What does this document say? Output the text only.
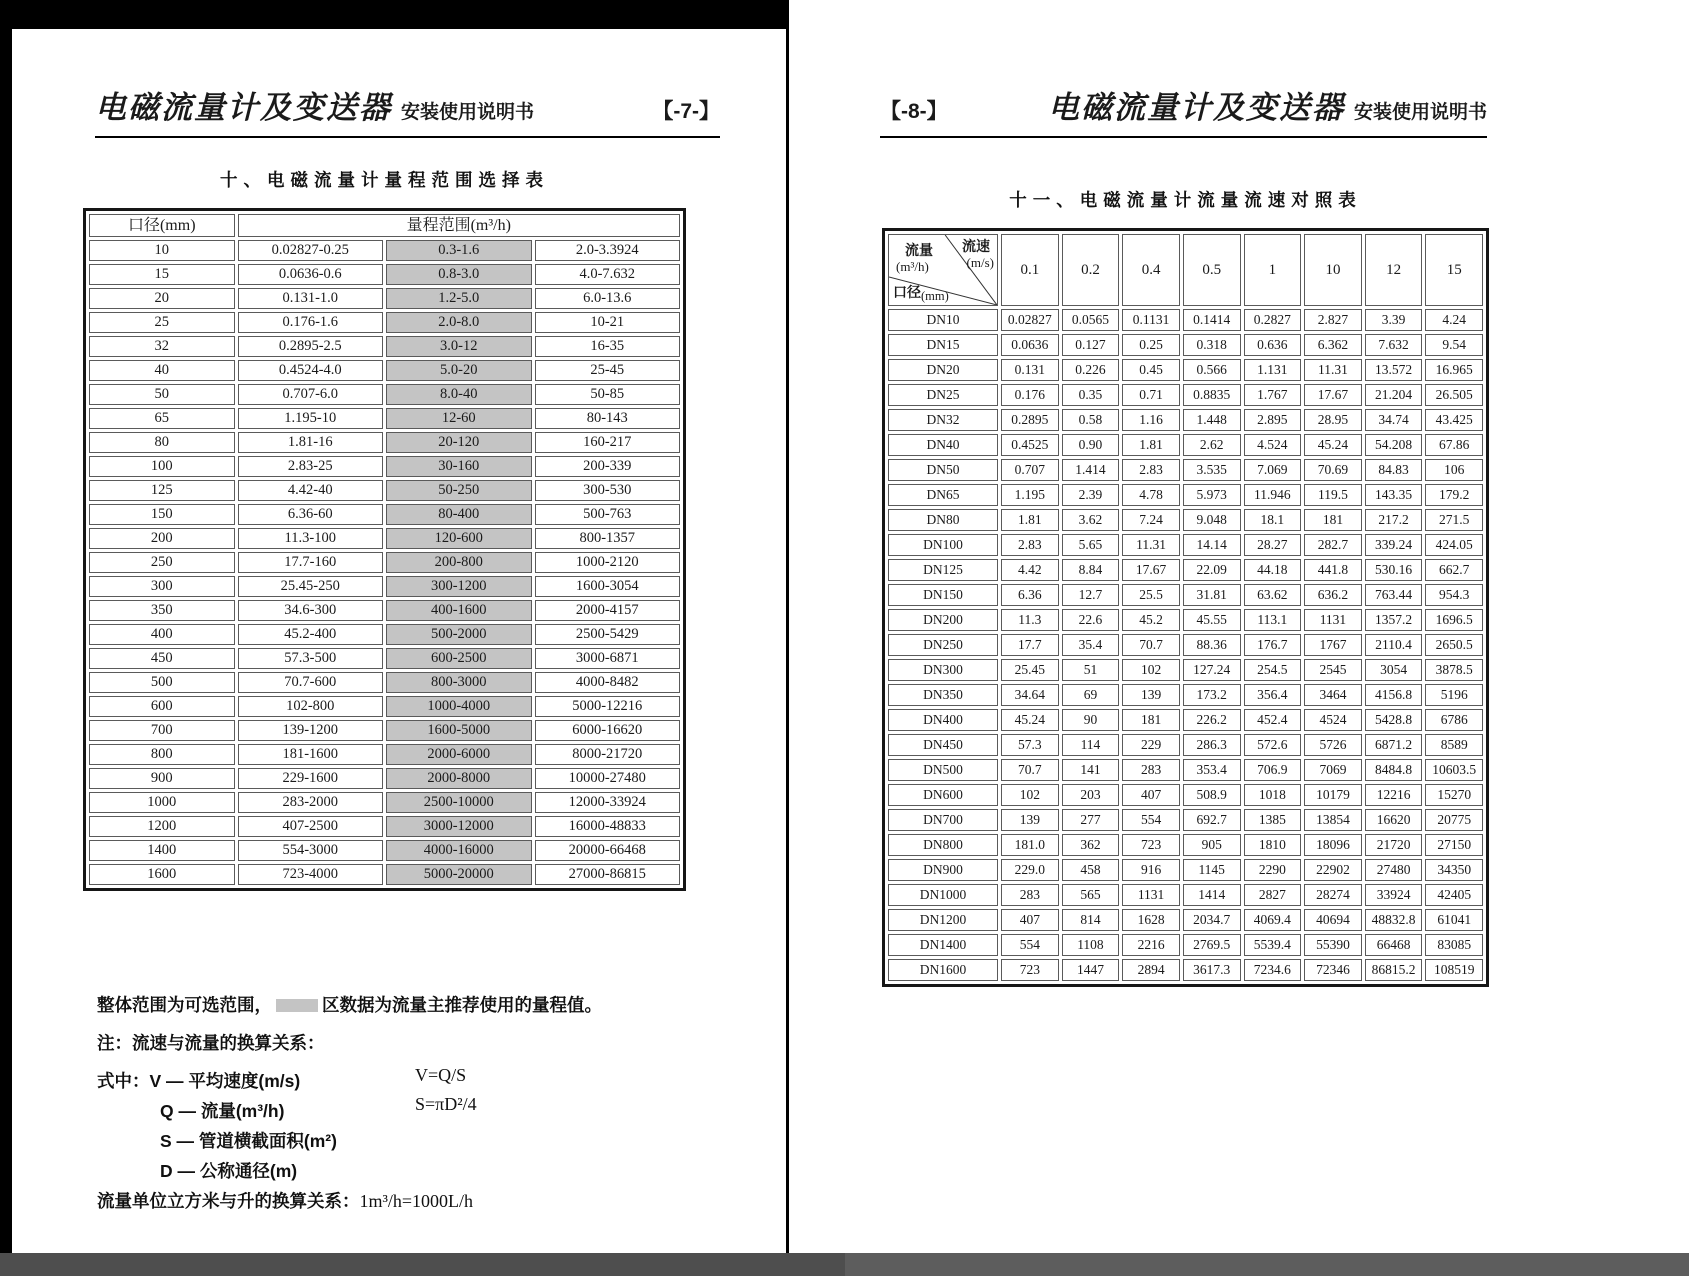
电磁流量计及变送器 安装使用说明书	【-7-】
十、电磁流量计量程范围选择表
口径(mm)	量程范围(m³/h)		
10	0.02827-0.25	0.3-1.6	2.0-3.3924
15	0.0636-0.6	0.8-3.0	4.0-7.632
20	0.131-1.0	1.2-5.0	6.0-13.6
25	0.176-1.6	2.0-8.0	10-21
32	0.2895-2.5	3.0-12	16-35
40	0.4524-4.0	5.0-20	25-45
50	0.707-6.0	8.0-40	50-85
65	1.195-10	12-60	80-143
80	1.81-16	20-120	160-217
100	2.83-25	30-160	200-339
125	4.42-40	50-250	300-530
150	6.36-60	80-400	500-763
200	11.3-100	120-600	800-1357
250	17.7-160	200-800	1000-2120
300	25.45-250	300-1200	1600-3054
350	34.6-300	400-1600	2000-4157
400	45.2-400	500-2000	2500-5429
450	57.3-500	600-2500	3000-6871
500	70.7-600	800-3000	4000-8482
600	102-800	1000-4000	5000-12216
700	139-1200	1600-5000	6000-16620
800	181-1600	2000-6000	8000-21720
900	229-1600	2000-8000	10000-27480
1000	283-2000	2500-10000	12000-33924
1200	407-2500	3000-12000	16000-48833
1400	554-3000	4000-16000	20000-66468
1600	723-4000	5000-20000	27000-86815
整体范围为可选范围，	区数据为流量主推荐使用的量程值。
注：流速与流量的换算关系：
V=Q/S
S=πD²/4
式中：V — 平均速度(m/s)
Q — 流量(m³/h)
S — 管道横截面积(m²)
D — 公称通径(m)
流量单位立方米与升的换算关系：1m³/h=1000L/h
【-8-】	电磁流量计及变送器 安装使用说明书
十一、电磁流量计流量流速对照表
流量
(m³/h)
流速
(m/s)
口径(mm)	0.1	0.2	0.4	0.5	1	10	12	15
DN10	0.02827	0.0565	0.1131	0.1414	0.2827	2.827	3.39	4.24
DN15	0.0636	0.127	0.25	0.318	0.636	6.362	7.632	9.54
DN20	0.131	0.226	0.45	0.566	1.131	11.31	13.572	16.965
DN25	0.176	0.35	0.71	0.8835	1.767	17.67	21.204	26.505
DN32	0.2895	0.58	1.16	1.448	2.895	28.95	34.74	43.425
DN40	0.4525	0.90	1.81	2.62	4.524	45.24	54.208	67.86
DN50	0.707	1.414	2.83	3.535	7.069	70.69	84.83	106
DN65	1.195	2.39	4.78	5.973	11.946	119.5	143.35	179.2
DN80	1.81	3.62	7.24	9.048	18.1	181	217.2	271.5
DN100	2.83	5.65	11.31	14.14	28.27	282.7	339.24	424.05
DN125	4.42	8.84	17.67	22.09	44.18	441.8	530.16	662.7
DN150	6.36	12.7	25.5	31.81	63.62	636.2	763.44	954.3
DN200	11.3	22.6	45.2	45.55	113.1	1131	1357.2	1696.5
DN250	17.7	35.4	70.7	88.36	176.7	1767	2110.4	2650.5
DN300	25.45	51	102	127.24	254.5	2545	3054	3878.5
DN350	34.64	69	139	173.2	356.4	3464	4156.8	5196
DN400	45.24	90	181	226.2	452.4	4524	5428.8	6786
DN450	57.3	114	229	286.3	572.6	5726	6871.2	8589
DN500	70.7	141	283	353.4	706.9	7069	8484.8	10603.5
DN600	102	203	407	508.9	1018	10179	12216	15270
DN700	139	277	554	692.7	1385	13854	16620	20775
DN800	181.0	362	723	905	1810	18096	21720	27150
DN900	229.0	458	916	1145	2290	22902	27480	34350
DN1000	283	565	1131	1414	2827	28274	33924	42405
DN1200	407	814	1628	2034.7	4069.4	40694	48832.8	61041
DN1400	554	1108	2216	2769.5	5539.4	55390	66468	83085
DN1600	723	1447	2894	3617.3	7234.6	72346	86815.2	108519
